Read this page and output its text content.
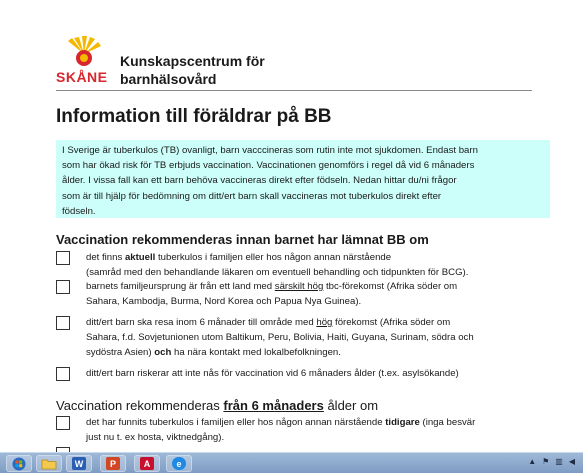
SKÅNE
Kunskapscentrum för
barnhälsovård
Information till föräldrar på BB
I Sverige är tuberkulos (TB) ovanligt, barn vacccineras som rutin inte mot sjukdomen. Endast barn
som har ökad risk för TB erbjuds vaccination. Vaccinationen genomförs i regel då vid 6 månaders
ålder. I vissa fall kan ett barn behöva vaccineras direkt efter födseln. Nedan hittar du/ni frågor
som är till hjälp för bedömning om ditt/ert barn skall vaccineras mot tuberkulos direkt efter
födseln.
Vaccination rekommenderas innan barnet har lämnat BB om
det finns aktuell tuberkulos i familjen eller hos någon annan närstående
(samråd med den behandlande läkaren om eventuell behandling och tidpunkten för BCG).
barnets familjeursprung är från ett land med särskilt hög tbc-förekomst (Afrika söder om
Sahara, Kambodja, Burma, Nord Korea och Papua Nya Guinea).
ditt/ert barn ska resa inom 6 månader till område med hög förekomst (Afrika söder om
Sahara, f.d. Sovjetunionen utom Baltikum, Peru, Bolivia, Haiti, Guyana, Surinam, södra och
sydöstra Asien) och ha nära kontakt med lokalbefolkningen.
ditt/ert barn riskerar att inte nås för vaccination vid 6 månaders ålder (t.ex. asylsökande)
Vaccination rekommenderas från 6 månaders ålder om
det har funnits tuberkulos i familjen eller hos någon annan närstående tidigare (inga besvär
just nu t. ex hosta, viktnedgång).
W	P	A	e	▲ ⚑ ▥ ◀
